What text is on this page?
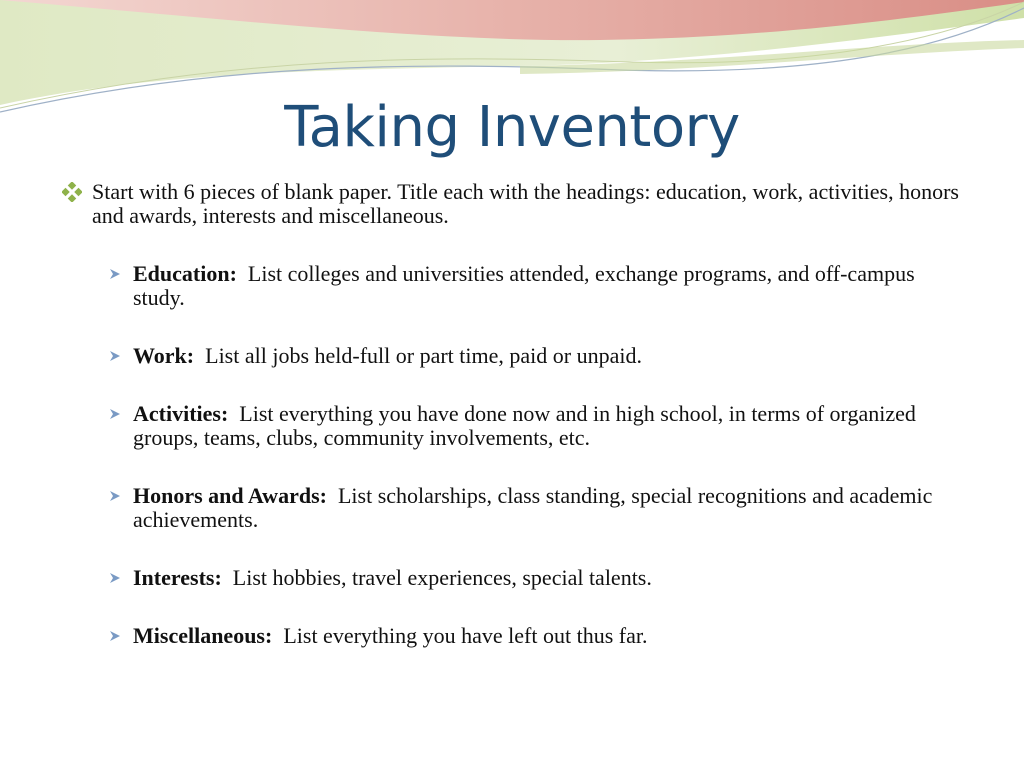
Taking Inventory
Start with 6 pieces of blank paper. Title each with the headings: education, work, activities, honors and awards, interests and miscellaneous.
Education:  List colleges and universities attended, exchange programs, and off-campus study.
Work:  List all jobs held-full or part time, paid or unpaid.
Activities:  List everything you have done now and in high school, in terms of organized groups, teams, clubs, community involvements, etc.
Honors and Awards:  List scholarships, class standing, special recognitions and academic achievements.
Interests:  List hobbies, travel experiences, special talents.
Miscellaneous:  List everything you have left out thus far.
